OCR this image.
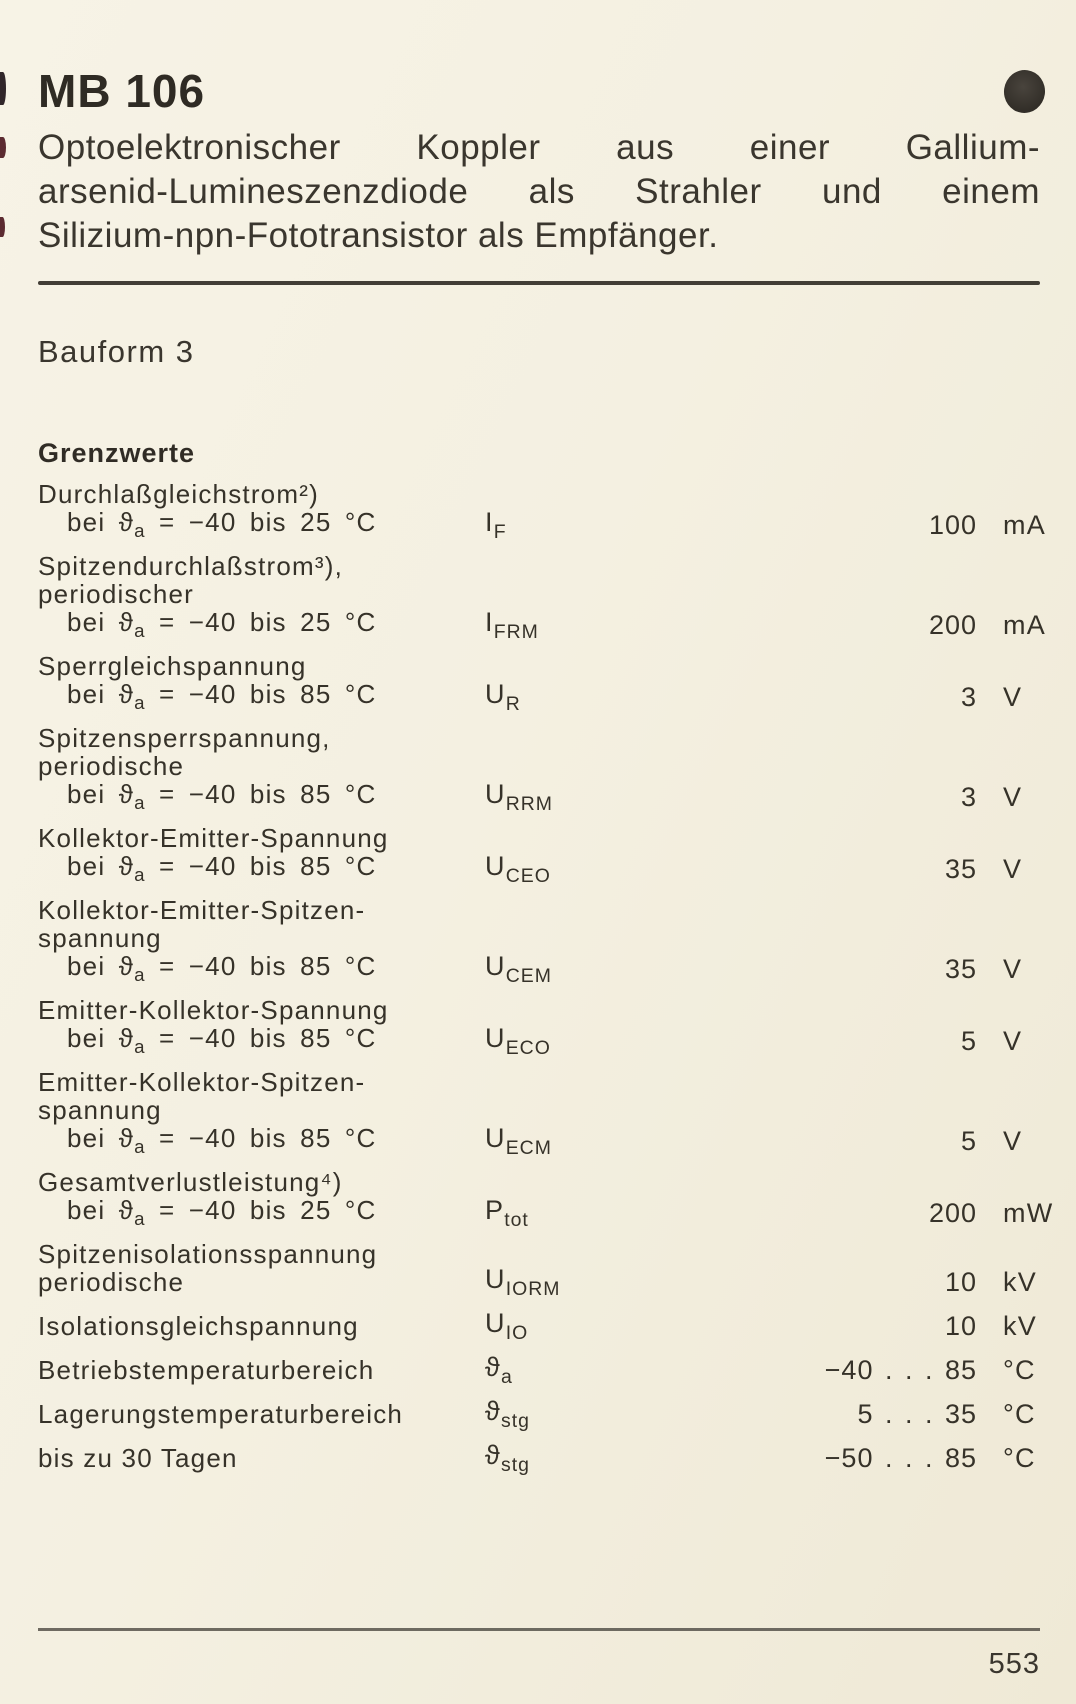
MB 106
Optoelektronischer Koppler aus einer Gallium-
arsenid-Lumineszenzdiode als Strahler und einem
Silizium-npn-Fototransistor als Empfänger.
Bauform 3
Grenzwerte
Durchlaßgleichstrom²)
bei ϑa = −40 bis 25 °C	IF	100 mA
Spitzendurchlaßstrom³),
periodischer
bei ϑa = −40 bis 25 °C	IFRM	200 mA
Sperrgleichspannung
bei ϑa = −40 bis 85 °C	UR	3 V
Spitzensperrspannung,
periodische
bei ϑa = −40 bis 85 °C	URRM	3 V
Kollektor-Emitter-Spannung
bei ϑa = −40 bis 85 °C	UCEO	35 V
Kollektor-Emitter-Spitzen-
spannung
bei ϑa = −40 bis 85 °C	UCEM	35 V
Emitter-Kollektor-Spannung
bei ϑa = −40 bis 85 °C	UECO	5 V
Emitter-Kollektor-Spitzen-
spannung
bei ϑa = −40 bis 85 °C	UECM	5 V
Gesamtverlustleistung⁴)
bei ϑa = −40 bis 25 °C	Ptot	200 mW
Spitzenisolationsspannung
periodische	UIORM	10 kV
Isolationsgleichspannung	UIO	10 kV
Betriebstemperaturbereich	ϑa	−40 . . . 85 °C
Lagerungstemperaturbereich	ϑstg	5 . . . 35 °C
bis zu 30 Tagen	ϑstg	−50 . . . 85 °C
553
